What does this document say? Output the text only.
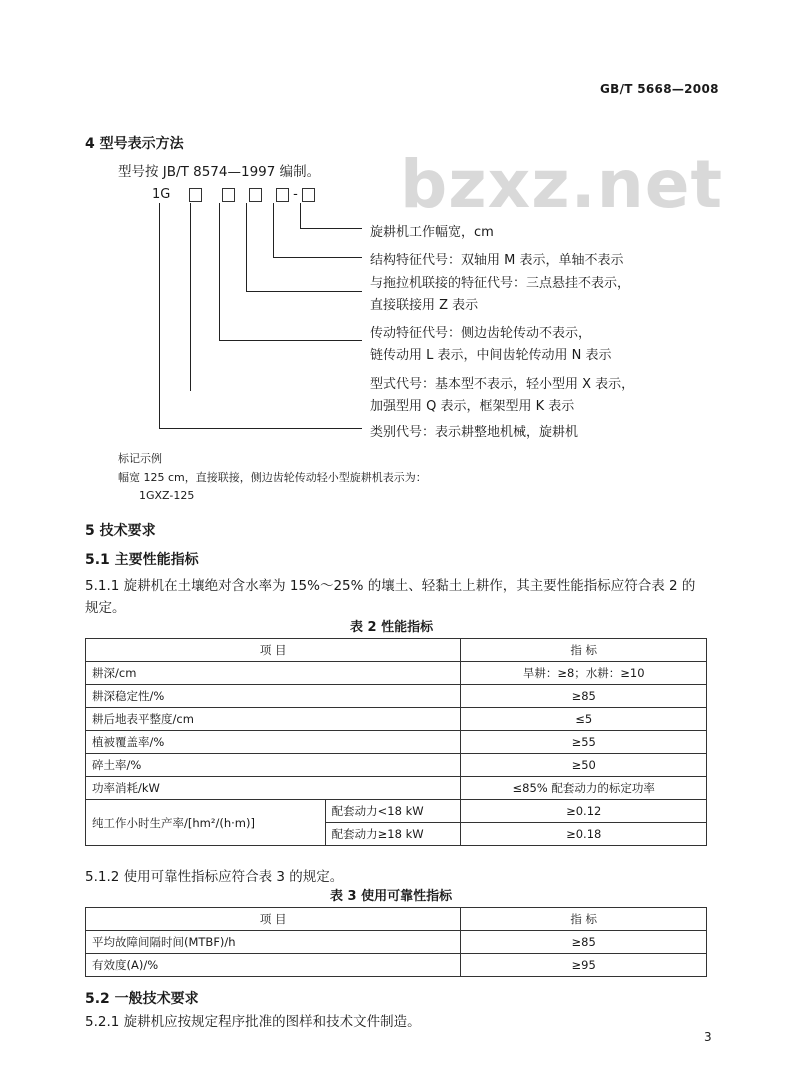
GB/T 5668—2008
bzxz.net
4 型号表示方法
型号按 JB/T 8574—1997 编制。
1G	-
旋耕机工作幅宽，cm
结构特征代号：双轴用 M 表示，单轴不表示
与拖拉机联接的特征代号：三点悬挂不表示，
直接联接用 Z 表示
传动特征代号：侧边齿轮传动不表示，
链传动用 L 表示，中间齿轮传动用 N 表示
型式代号：基本型不表示，轻小型用 X 表示，
加强型用 Q 表示，框架型用 K 表示
类别代号：表示耕整地机械，旋耕机
标记示例
幅宽 125 cm，直接联接，侧边齿轮传动轻小型旋耕机表示为：
1GXZ-125
5 技术要求
5.1 主要性能指标
5.1.1 旋耕机在土壤绝对含水率为 15%～25% 的壤土、轻黏土上耕作，其主要性能指标应符合表 2 的
规定。
表 2 性能指标
项 目		指 标
耕深/cm		旱耕：≥8；水耕：≥10
耕深稳定性/%		≥85
耕后地表平整度/cm		≤5
植被覆盖率/%		≥55
碎土率/%		≥50
功率消耗/kW		≤85% 配套动力的标定功率
纯工作小时生产率/[hm²/(h·m)]	配套动力<18 kW	≥0.12
	配套动力≥18 kW	≥0.18
5.1.2 使用可靠性指标应符合表 3 的规定。
表 3 使用可靠性指标
项 目	指 标
平均故障间隔时间(MTBF)/h	≥85
有效度(A)/%	≥95
5.2 一般技术要求
5.2.1 旋耕机应按规定程序批准的图样和技术文件制造。
3
